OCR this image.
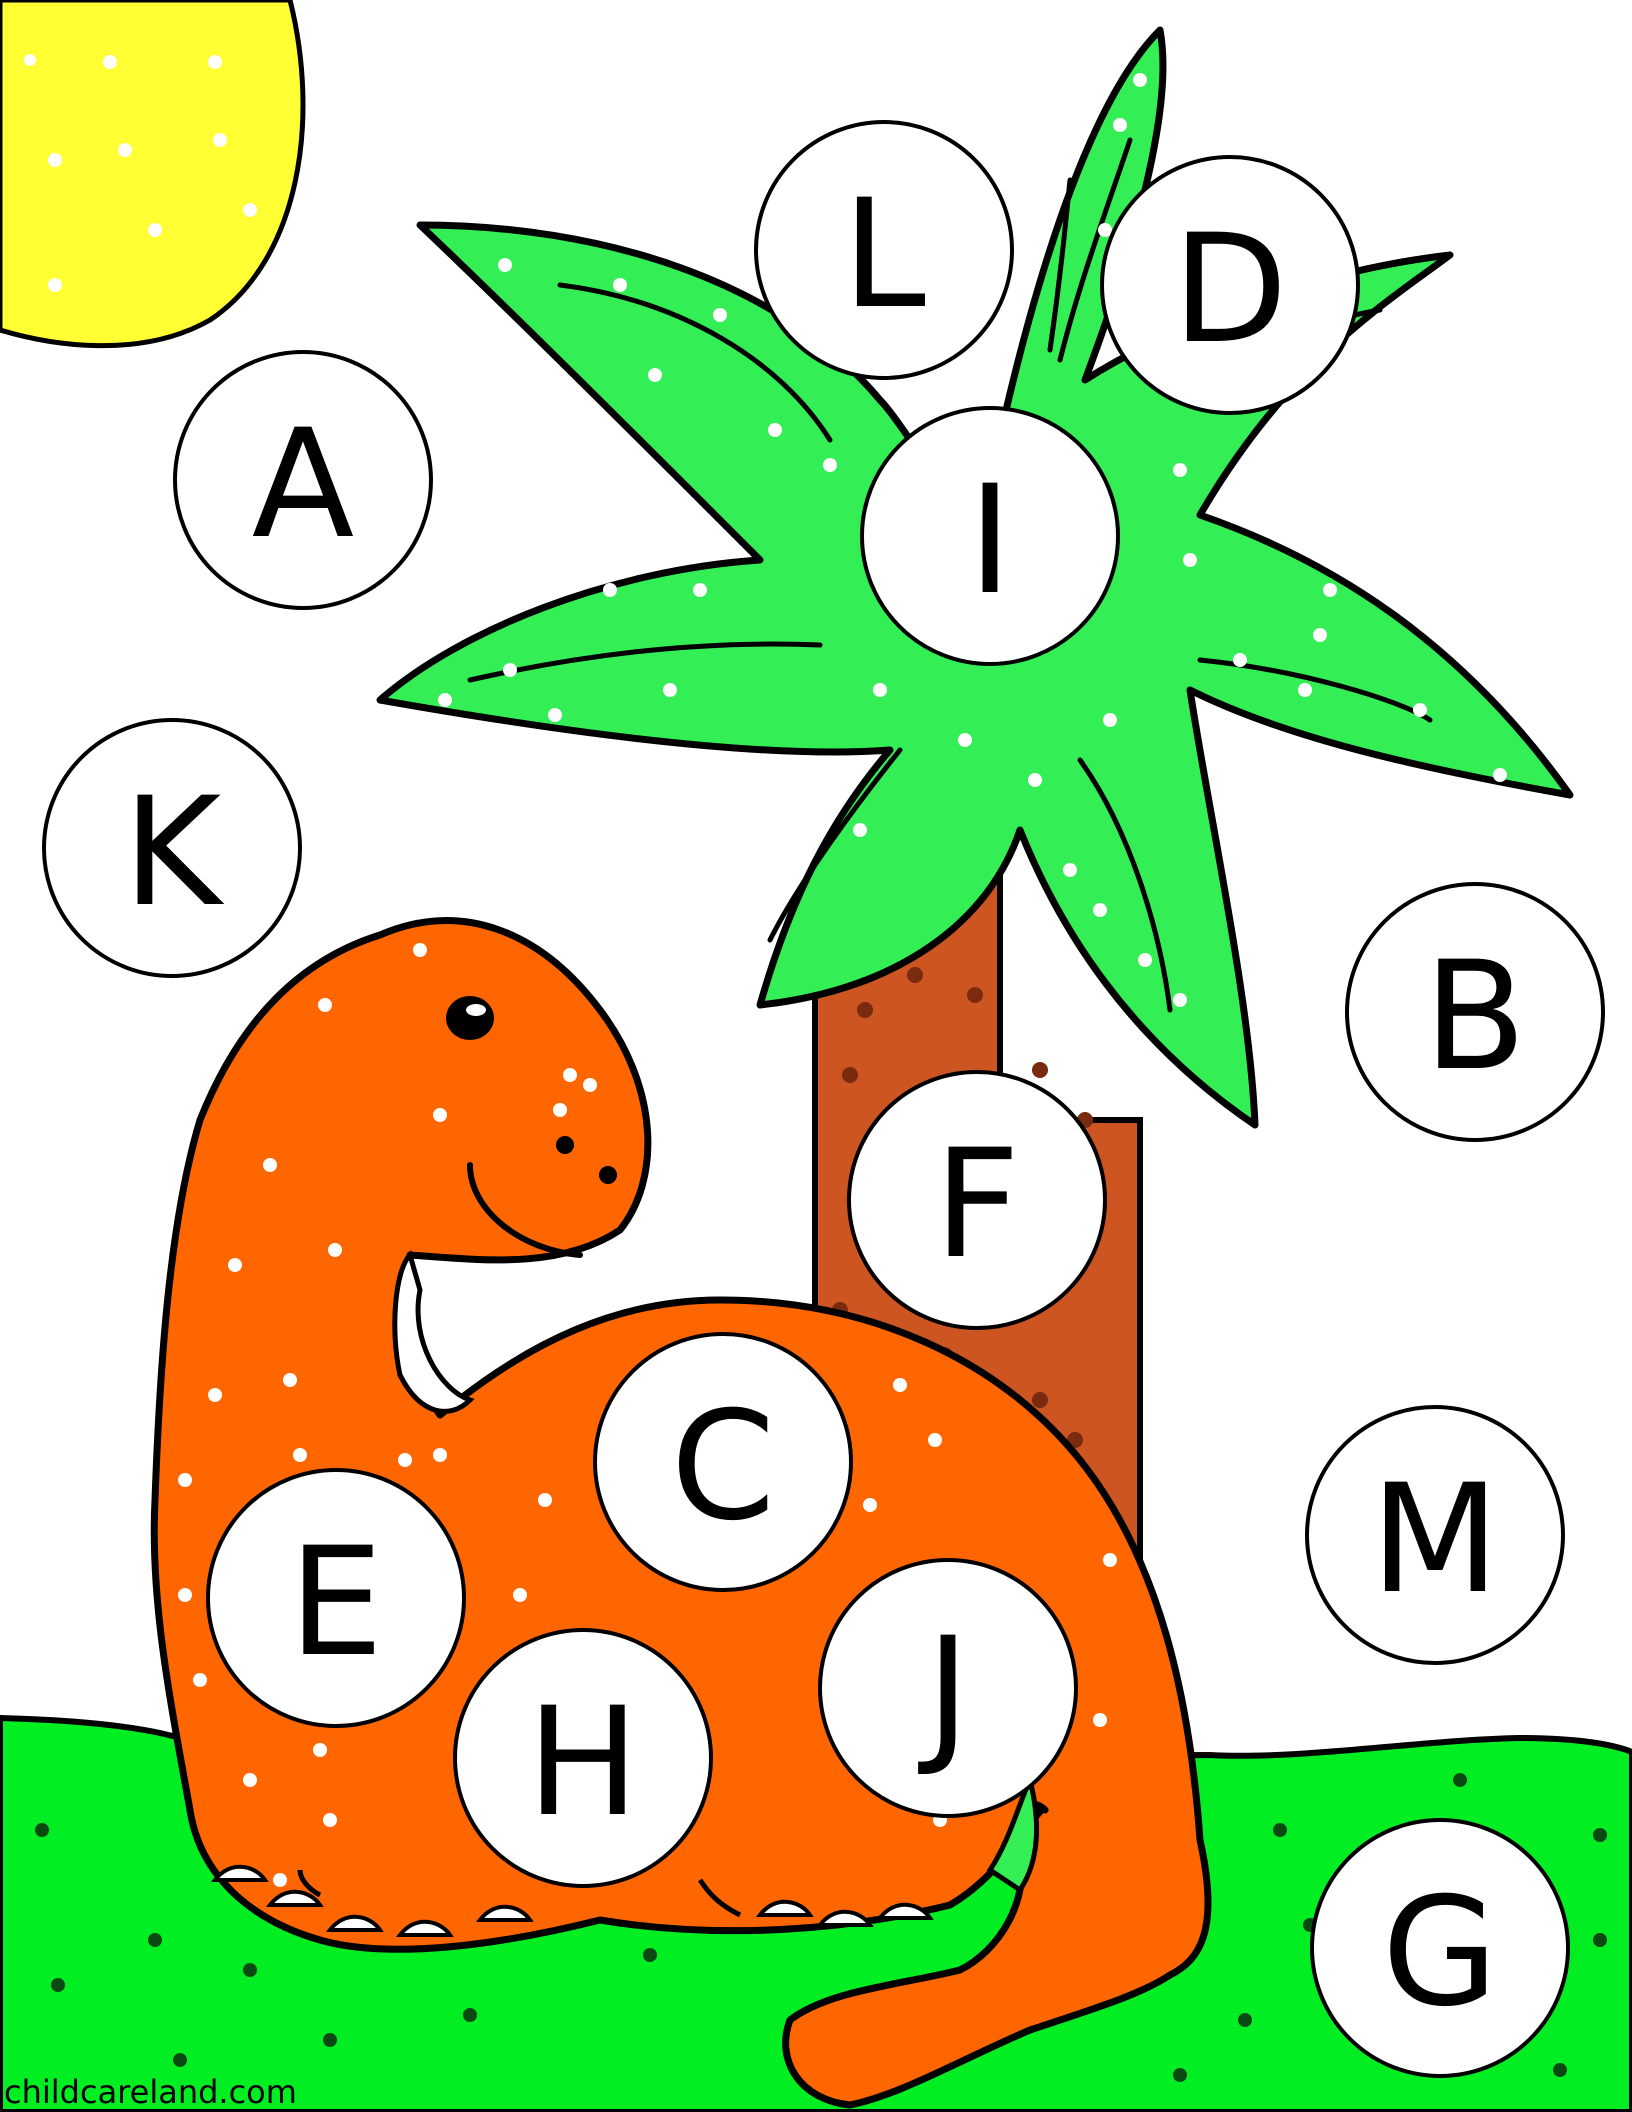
A
K
L D
I
B
F
C	M
E
J
H
G
childcareland.com
